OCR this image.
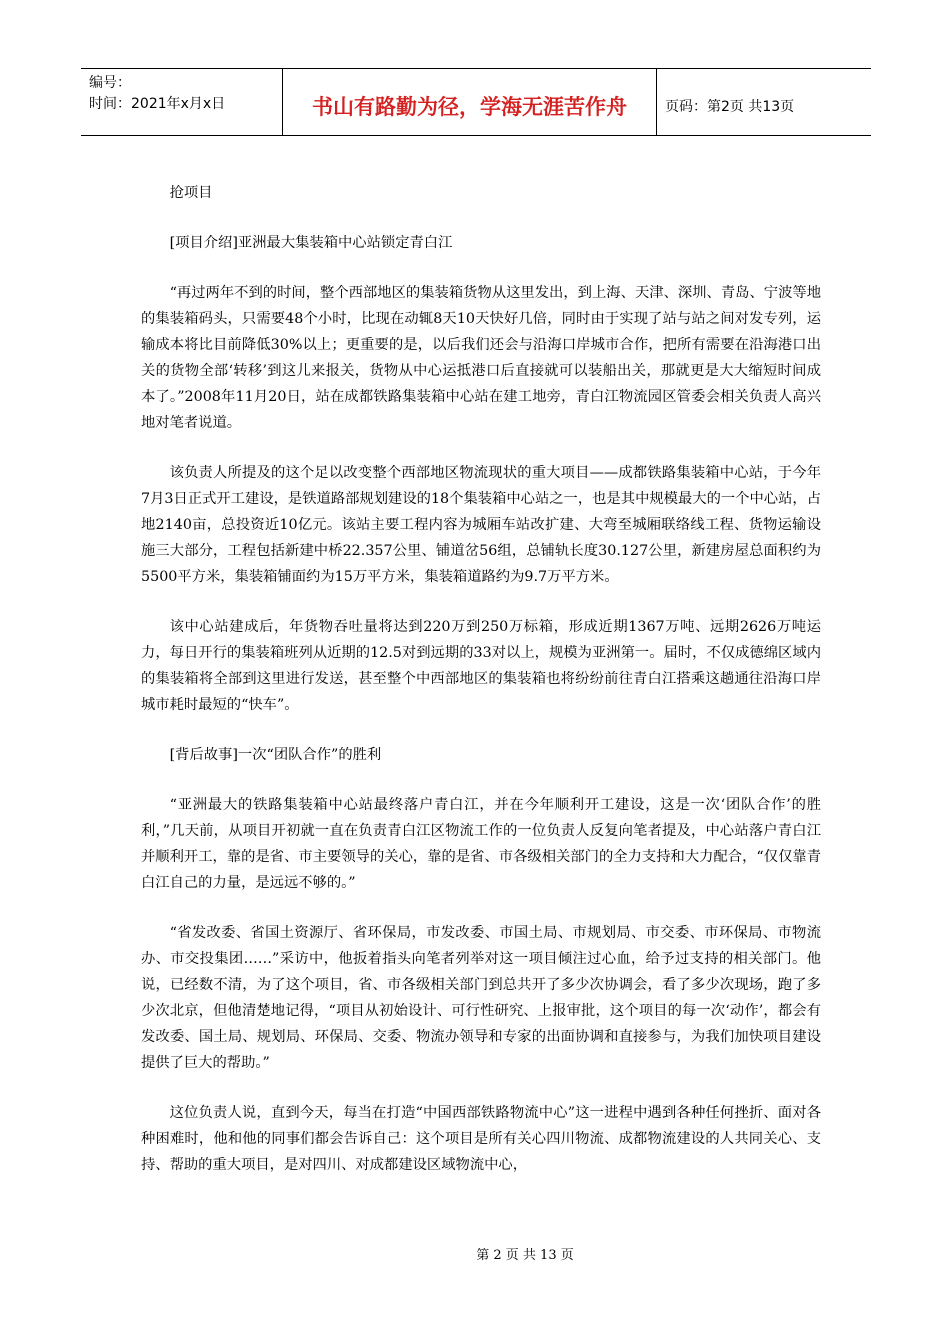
编号：
时间：2021年x月x日	书山有路勤为径，学海无涯苦作舟	页码：第2页 共13页

抢项目

[项目介绍]亚洲最大集装箱中心站锁定青白江

“再过两年不到的时间，整个西部地区的集装箱货物从这里发出，到上海、天津、深圳、青岛、宁波等地的集装箱码头，只需要48个小时，比现在动辄8天10天快好几倍，同时由于实现了站与站之间对发专列，运输成本将比目前降低30%以上；更重要的是，以后我们还会与沿海口岸城市合作，把所有需要在沿海港口出关的货物全部‘转移’到这儿来报关，货物从中心运抵港口后直接就可以装船出关，那就更是大大缩短时间成本了。”2008年11月20日，站在成都铁路集装箱中心站在建工地旁，青白江物流园区管委会相关负责人高兴地对笔者说道。

该负责人所提及的这个足以改变整个西部地区物流现状的重大项目——成都铁路集装箱中心站，于今年7月3日正式开工建设，是铁道路部规划建设的18个集装箱中心站之一，也是其中规模最大的一个中心站，占地2140亩，总投资近10亿元。该站主要工程内容为城厢车站改扩建、大弯至城厢联络线工程、货物运输设施三大部分，工程包括新建中桥22.357公里、铺道岔56组，总铺轨长度30.127公里，新建房屋总面积约为5500平方米，集装箱铺面约为15万平方米，集装箱道路约为9.7万平方米。

该中心站建成后，年货物吞吐量将达到220万到250万标箱，形成近期1367万吨、远期2626万吨运力，每日开行的集装箱班列从近期的12.5对到远期的33对以上，规模为亚洲第一。届时，不仅成德绵区域内的集装箱将全部到这里进行发送，甚至整个中西部地区的集装箱也将纷纷前往青白江搭乘这趟通往沿海口岸城市耗时最短的“快车”。

[背后故事]一次“团队合作”的胜利

“亚洲最大的铁路集装箱中心站最终落户青白江，并在今年顺利开工建设，这是一次‘团队合作’的胜利，”几天前，从项目开初就一直在负责青白江区物流工作的一位负责人反复向笔者提及，中心站落户青白江并顺利开工，靠的是省、市主要领导的关心，靠的是省、市各级相关部门的全力支持和大力配合，“仅仅靠青白江自己的力量，是远远不够的。”

“省发改委、省国土资源厅、省环保局，市发改委、市国土局、市规划局、市交委、市环保局、市物流办、市交投集团……”采访中，他扳着指头向笔者列举对这一项目倾注过心血，给予过支持的相关部门。他说，已经数不清，为了这个项目，省、市各级相关部门到总共开了多少次协调会，看了多少次现场，跑了多少次北京，但他清楚地记得，“项目从初始设计、可行性研究、上报审批，这个项目的每一次‘动作’，都会有发改委、国土局、规划局、环保局、交委、物流办领导和专家的出面协调和直接参与，为我们加快项目建设提供了巨大的帮助。”

这位负责人说，直到今天，每当在打造“中国西部铁路物流中心”这一进程中遇到各种任何挫折、面对各种困难时，他和他的同事们都会告诉自己：这个项目是所有关心四川物流、成都物流建设的人共同关心、支持、帮助的重大项目，是对四川、对成都建设区域物流中心，

第 2 页 共 13 页
